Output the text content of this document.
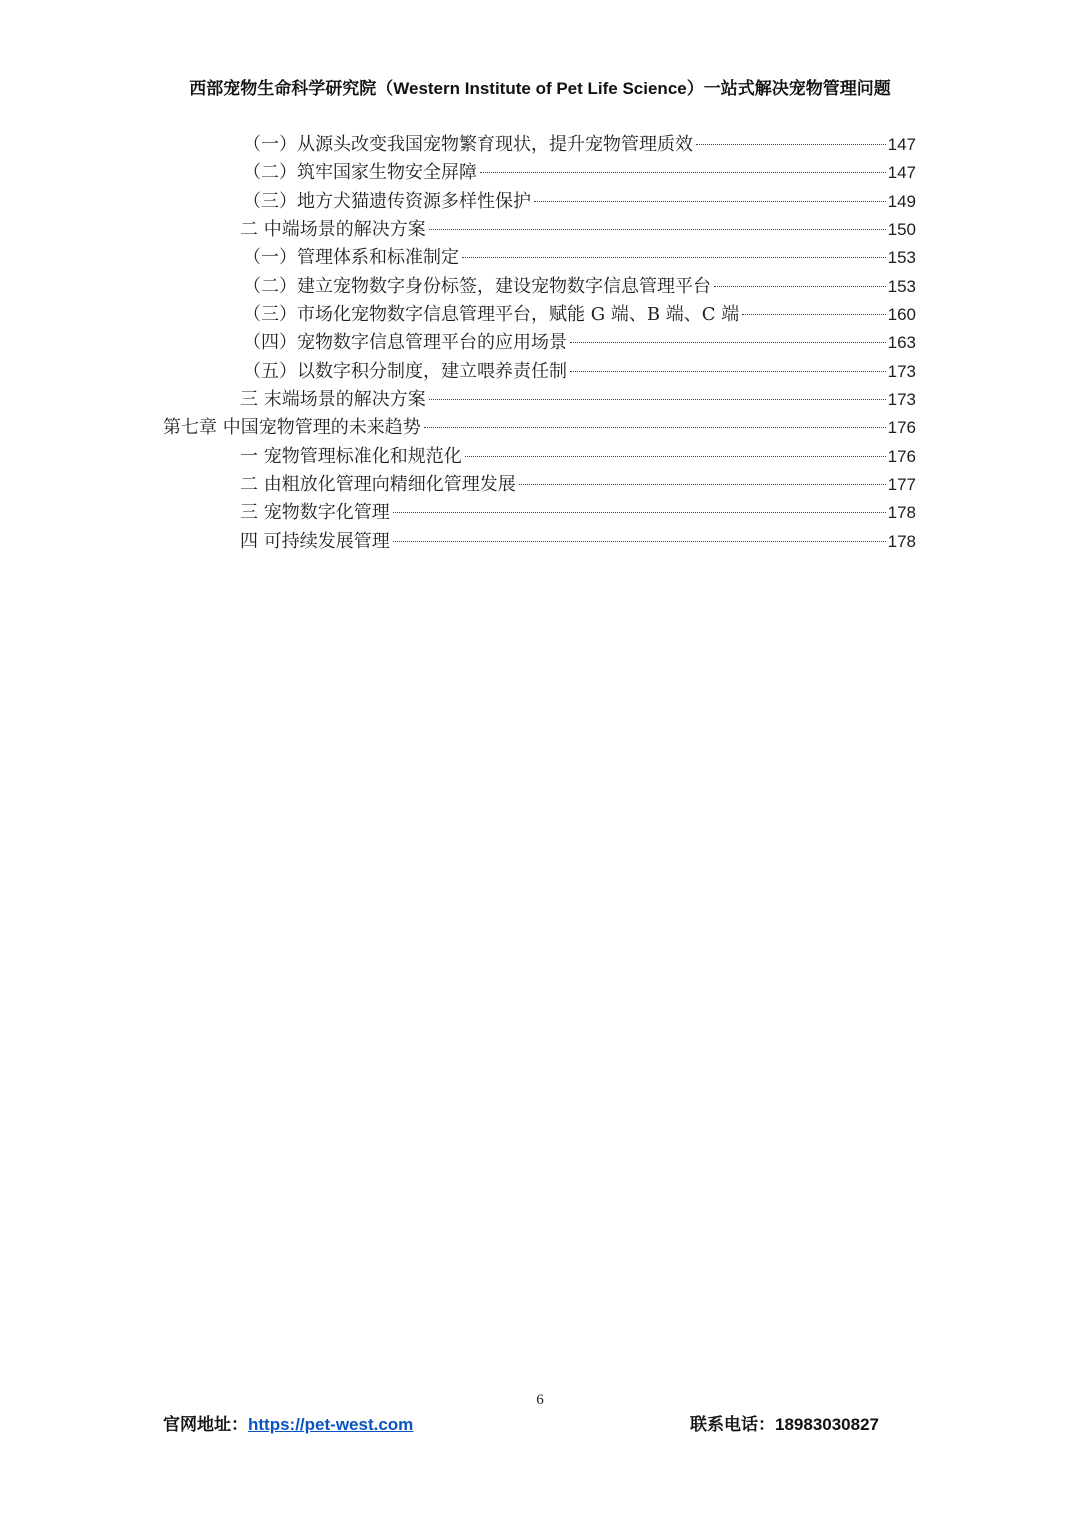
西部宠物生命科学研究院（Western Institute of Pet Life Science）一站式解决宠物管理问题
（一）从源头改变我国宠物繁育现状，提升宠物管理质效	147
（二）筑牢国家生物安全屏障	147
（三）地方犬猫遗传资源多样性保护	149
二 中端场景的解决方案	150
（一）管理体系和标准制定	153
（二）建立宠物数字身份标签，建设宠物数字信息管理平台	153
（三）市场化宠物数字信息管理平台，赋能 G 端、B 端、C 端	160
（四）宠物数字信息管理平台的应用场景	163
（五）以数字积分制度，建立喂养责任制	173
三 末端场景的解决方案	173
第七章 中国宠物管理的未来趋势	176
一 宠物管理标准化和规范化	176
二 由粗放化管理向精细化管理发展	177
三 宠物数字化管理	178
四 可持续发展管理	178
6
官网地址：https://pet-west.com	联系电话：18983030827
